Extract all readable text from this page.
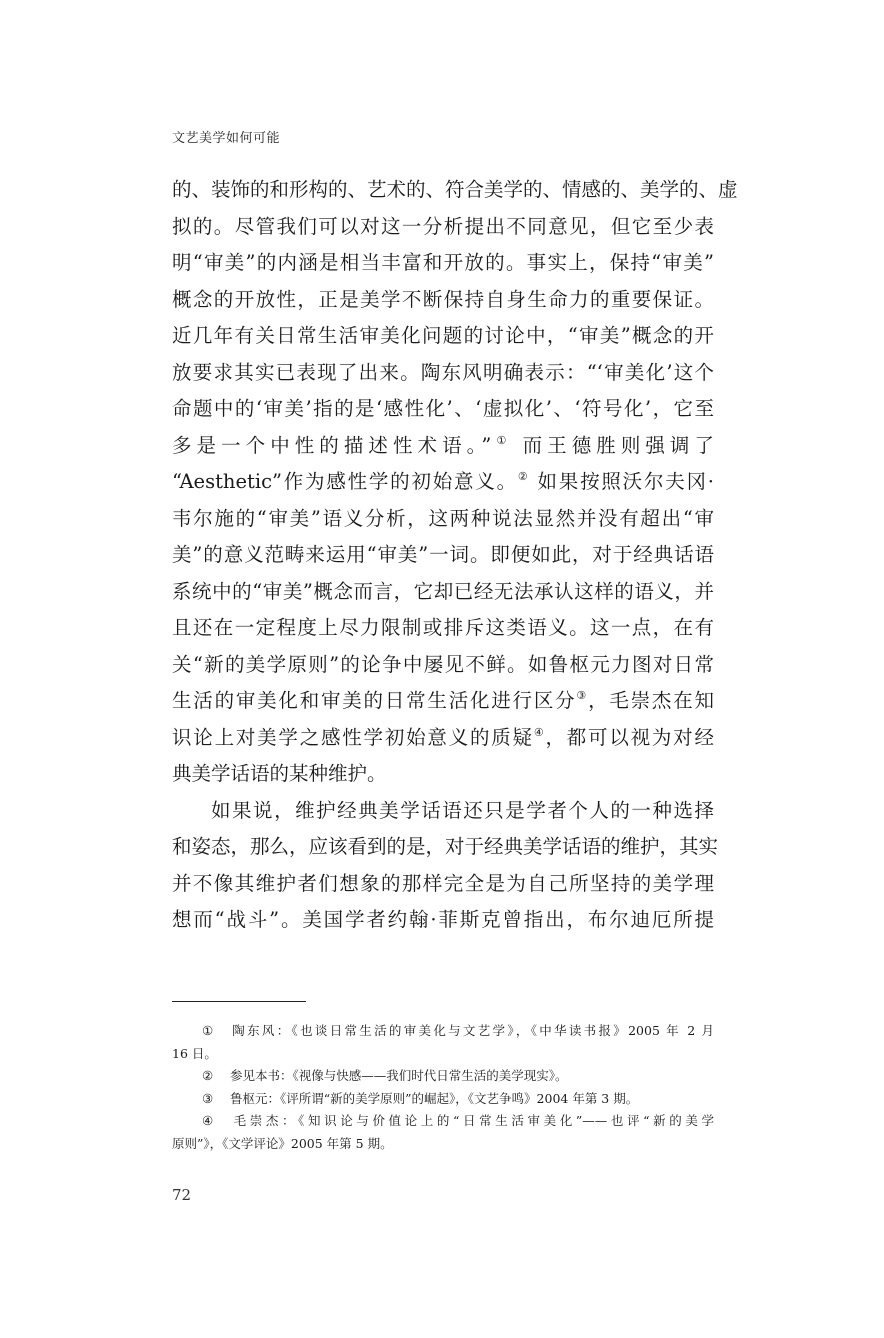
文艺美学如何可能
的、装饰的和形构的、艺术的、符合美学的、情感的、美学的、虚
拟的。尽管我们可以对这一分析提出不同意见，但它至少表
明“审美”的内涵是相当丰富和开放的。事实上，保持“审美”
概念的开放性，正是美学不断保持自身生命力的重要保证。
近几年有关日常生活审美化问题的讨论中，“审美”概念的开
放要求其实已表现了出来。陶东风明确表示：“‘审美化’这个
命题中的‘审美’指的是‘感性化’、‘虚拟化’、‘符号化’，它至
多是一个中性的描述性术语。”① 而王德胜则强调了
“Aesthetic”作为感性学的初始意义。② 如果按照沃尔夫冈·
韦尔施的“审美”语义分析，这两种说法显然并没有超出“审
美”的意义范畴来运用“审美”一词。即便如此，对于经典话语
系统中的“审美”概念而言，它却已经无法承认这样的语义，并
且还在一定程度上尽力限制或排斥这类语义。这一点，在有
关“新的美学原则”的论争中屡见不鲜。如鲁枢元力图对日常
生活的审美化和审美的日常生活化进行区分③，毛崇杰在知
识论上对美学之感性学初始意义的质疑④，都可以视为对经
典美学话语的某种维护。
如果说，维护经典美学话语还只是学者个人的一种选择
和姿态，那么，应该看到的是，对于经典美学话语的维护，其实
并不像其维护者们想象的那样完全是为自己所坚持的美学理
想而“战斗”。美国学者约翰·菲斯克曾指出，布尔迪厄所提
① 陶东风：《也谈日常生活的审美化与文艺学》，《中华读书报》2005 年 2 月
16 日。
② 参见本书：《视像与快感——我们时代日常生活的美学现实》。
③ 鲁枢元：《评所谓“新的美学原则”的崛起》，《文艺争鸣》2004 年第 3 期。
④ 毛崇杰：《知识论与价值论上的“日常生活审美化”——也评“新的美学
原则”》，《文学评论》2005 年第 5 期。
72
